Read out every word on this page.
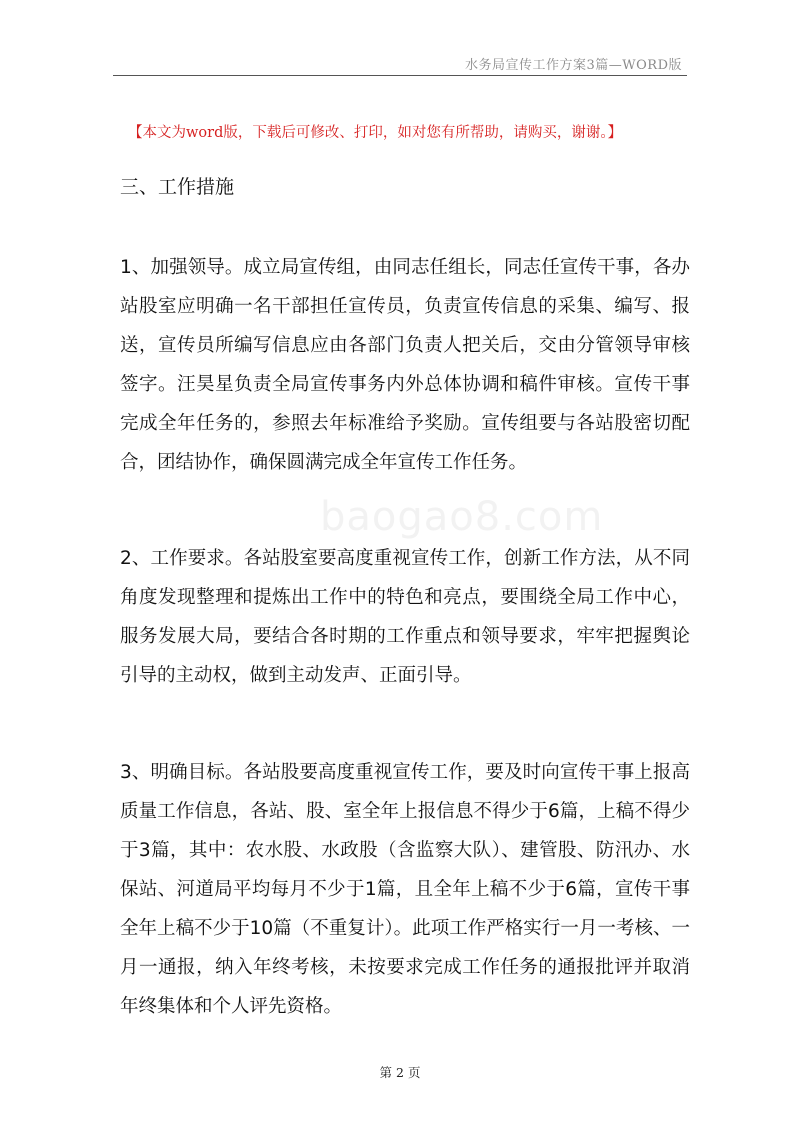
水务局宣传工作方案3篇—WORD版
【本文为word版，下载后可修改、打印，如对您有所帮助，请购买，谢谢。】
baogao8.com
三、工作措施

1、加强领导。成立局宣传组，由同志任组长，同志任宣传干事，各办站股室应明确一名干部担任宣传员，负责宣传信息的采集、编写、报送，宣传员所编写信息应由各部门负责人把关后，交由分管领导审核签字。汪昊星负责全局宣传事务内外总体协调和稿件审核。宣传干事完成全年任务的，参照去年标准给予奖励。宣传组要与各站股密切配合，团结协作，确保圆满完成全年宣传工作任务。

2、工作要求。各站股室要高度重视宣传工作，创新工作方法，从不同角度发现整理和提炼出工作中的特色和亮点，要围绕全局工作中心，服务发展大局，要结合各时期的工作重点和领导要求，牢牢把握舆论引导的主动权，做到主动发声、正面引导。

3、明确目标。各站股要高度重视宣传工作，要及时向宣传干事上报高质量工作信息，各站、股、室全年上报信息不得少于6篇，上稿不得少于3篇，其中：农水股、水政股（含监察大队）、建管股、防汛办、水保站、河道局平均每月不少于1篇，且全年上稿不少于6篇，宣传干事全年上稿不少于10篇（不重复计）。此项工作严格实行一月一考核、一月一通报，纳入年终考核，未按要求完成工作任务的通报批评并取消年终集体和个人评先资格。

第 2 页
